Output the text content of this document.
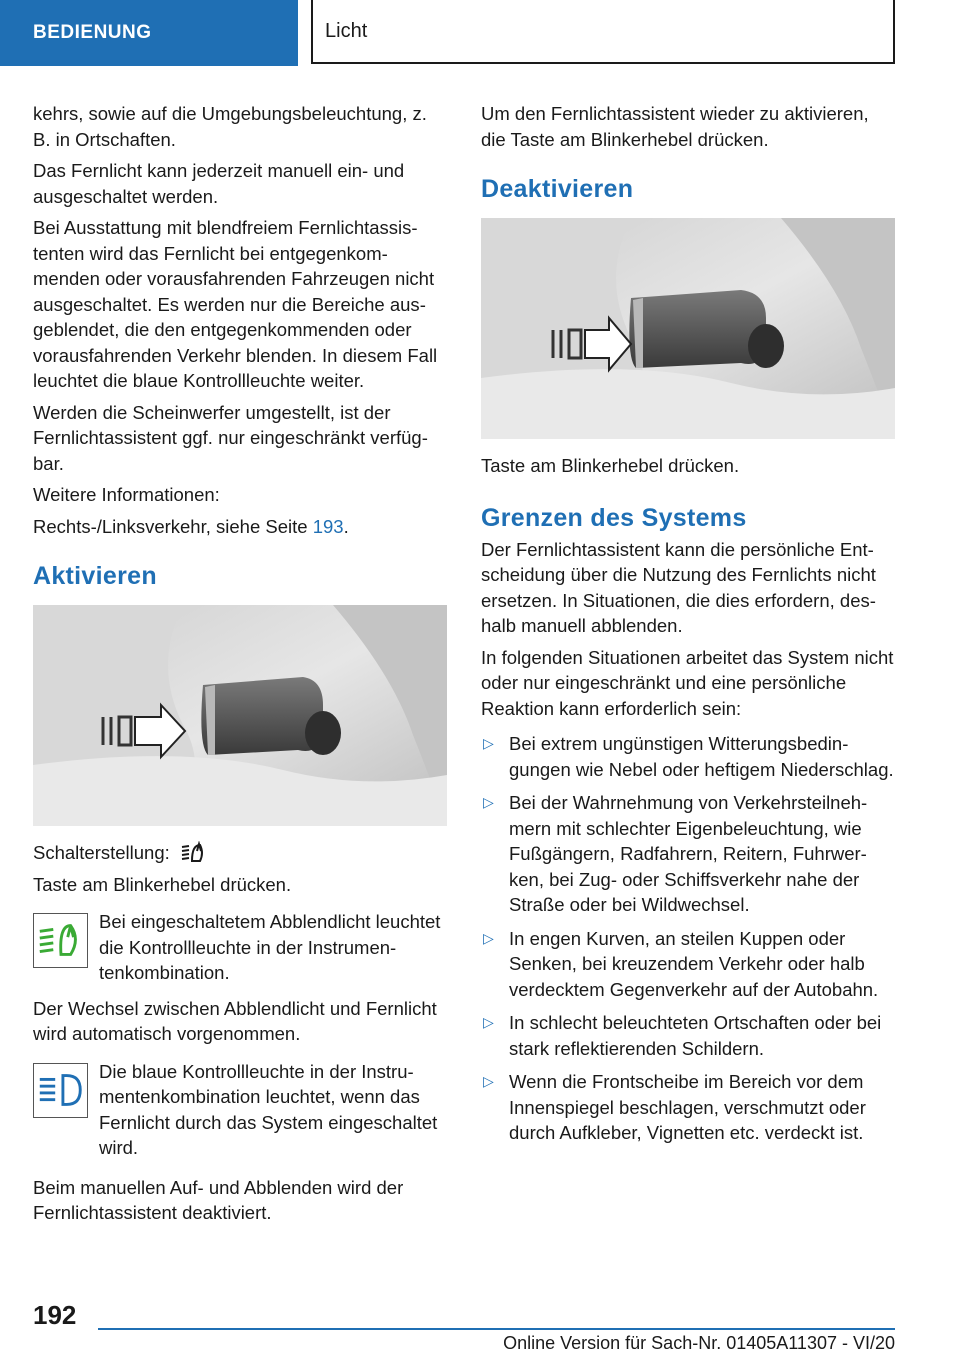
BEDIENUNG	Licht

kehrs, sowie auf die Umgebungsbeleuchtung, z. B. in Ortschaften.

Das Fernlicht kann jederzeit manuell ein- und ausgeschaltet werden.

Bei Ausstattung mit blendfreiem Fernlichtassistenten wird das Fernlicht bei entgegenkommenden oder vorausfahrenden Fahrzeugen nicht ausgeschaltet. Es werden nur die Bereiche ausgeblendet, die den entgegenkommenden oder vorausfahrenden Verkehr blenden. In diesem Fall leuchtet die blaue Kontrollleuchte weiter.

Werden die Scheinwerfer umgestellt, ist der Fernlichtassistent ggf. nur eingeschränkt verfügbar.

Weitere Informationen:

Rechts-/Linksverkehr, siehe Seite 193.

Aktivieren

Schalterstellung:

Taste am Blinkerhebel drücken.

Bei eingeschaltetem Abblendlicht leuchtet die Kontrollleuchte in der Instrumentenkombination.

Der Wechsel zwischen Abblendlicht und Fernlicht wird automatisch vorgenommen.

Die blaue Kontrollleuchte in der Instrumentenkombination leuchtet, wenn das Fernlicht durch das System eingeschaltet wird.

Beim manuellen Auf- und Abblenden wird der Fernlichtassistent deaktiviert.

Um den Fernlichtassistent wieder zu aktivieren, die Taste am Blinkerhebel drücken.

Deaktivieren

Taste am Blinkerhebel drücken.

Grenzen des Systems

Der Fernlichtassistent kann die persönliche Entscheidung über die Nutzung des Fernlichts nicht ersetzen. In Situationen, die dies erfordern, deshalb manuell abblenden.

In folgenden Situationen arbeitet das System nicht oder nur eingeschränkt und eine persönliche Reaktion kann erforderlich sein:

▷ Bei extrem ungünstigen Witterungsbedingungen wie Nebel oder heftigem Niederschlag.
▷ Bei der Wahrnehmung von Verkehrsteilnehmern mit schlechter Eigenbeleuchtung, wie Fußgängern, Radfahrern, Reitern, Fuhrwerken, bei Zug- oder Schiffsverkehr nahe der Straße oder bei Wildwechsel.
▷ In engen Kurven, an steilen Kuppen oder Senken, bei kreuzendem Verkehr oder halb verdecktem Gegenverkehr auf der Autobahn.
▷ In schlecht beleuchteten Ortschaften oder bei stark reflektierenden Schildern.
▷ Wenn die Frontscheibe im Bereich vor dem Innenspiegel beschlagen, verschmutzt oder durch Aufkleber, Vignetten etc. verdeckt ist.
192
Online Version für Sach-Nr. 01405A11307 - VI/20
